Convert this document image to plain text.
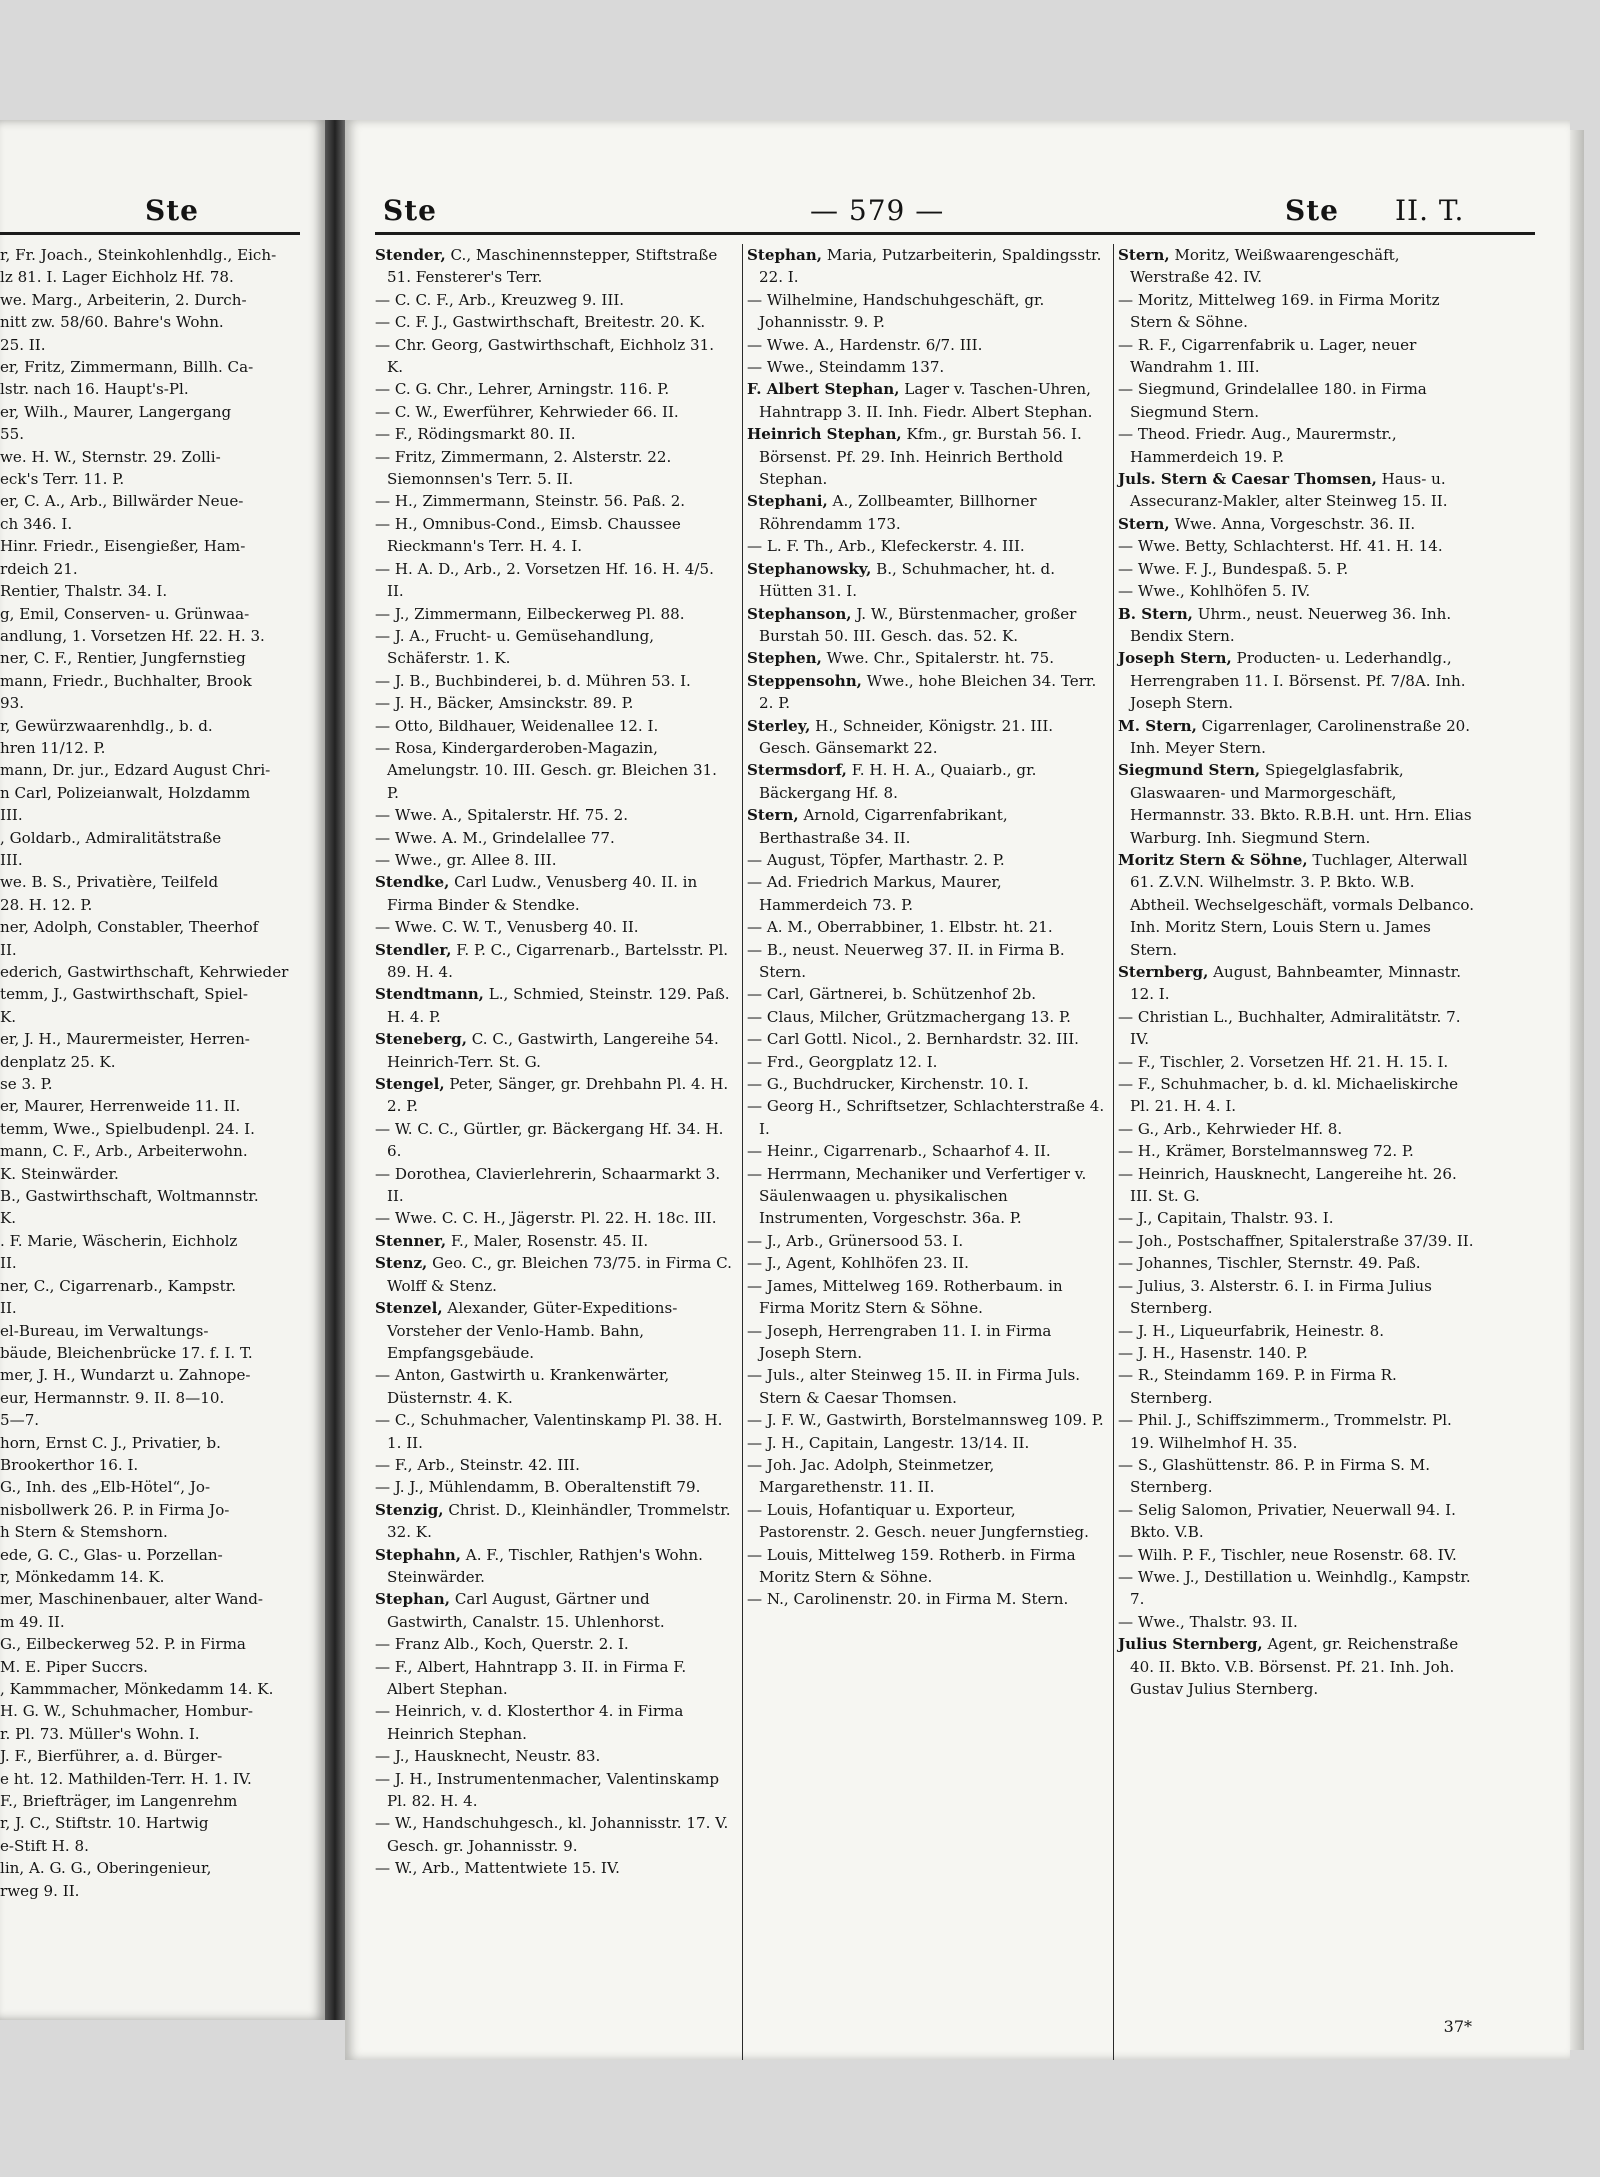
Ste

r, Fr. Joach., Steinkohlenhdlg., Eich-

lz 81. I. Lager Eichholz Hf. 78.

we. Marg., Arbeiterin, 2. Durch-

nitt zw. 58/60. Bahre's Wohn.

25. II.

er, Fritz, Zimmermann, Billh. Ca-

lstr. nach 16. Haupt's-Pl.

er, Wilh., Maurer, Langergang

55.

we. H. W., Sternstr. 29. Zolli-

eck's Terr. 11. P.

er, C. A., Arb., Billwärder Neue-

ch 346. I.

Hinr. Friedr., Eisengießer, Ham-

rdeich 21.

Rentier, Thalstr. 34. I.

g, Emil, Conserven- u. Grünwaa-

andlung, 1. Vorsetzen Hf. 22. H. 3.

ner, C. F., Rentier, Jungfernstieg

mann, Friedr., Buchhalter, Brook

93.

r, Gewürzwaarenhdlg., b. d.

hren 11/12. P.

mann, Dr. jur., Edzard August Chri-

n Carl, Polizeianwalt, Holzdamm

III.

, Goldarb., Admiralitätstraße

III.

we. B. S., Privatière, Teilfeld

28. H. 12. P.

ner, Adolph, Constabler, Theerhof

II.

ederich, Gastwirthschaft, Kehrwieder

temm, J., Gastwirthschaft, Spiel-

K.

er, J. H., Maurermeister, Herren-

denplatz 25. K.

se 3. P.

er, Maurer, Herrenweide 11. II.

temm, Wwe., Spielbudenpl. 24. I.

mann, C. F., Arb., Arbeiterwohn.

K. Steinwärder.

B., Gastwirthschaft, Woltmannstr.

K.

. F. Marie, Wäscherin, Eichholz

II.

ner, C., Cigarrenarb., Kampstr.

II.

el-Bureau, im Verwaltungs-

bäude, Bleichenbrücke 17. f. I. T.

mer, J. H., Wundarzt u. Zahnope-

eur, Hermannstr. 9. II. 8—10.

5—7.

horn, Ernst C. J., Privatier, b.

Brookerthor 16. I.

G., Inh. des „Elb-Hötel“, Jo-

nisbollwerk 26. P. in Firma Jo-

h Stern & Stemshorn.

ede, G. C., Glas- u. Porzellan-

r, Mönkedamm 14. K.

mer, Maschinenbauer, alter Wand-

m 49. II.

G., Eilbeckerweg 52. P. in Firma

M. E. Piper Succrs.

, Kammmacher, Mönkedamm 14. K.

H. G. W., Schuhmacher, Hombur-

r. Pl. 73. Müller's Wohn. I.

J. F., Bierführer, a. d. Bürger-

e ht. 12. Mathilden-Terr. H. 1. IV.

F., Briefträger, im Langenrehm

r, J. C., Stiftstr. 10. Hartwig

e-Stift H. 8.

lin, A. G. G., Oberingenieur,

rweg 9. II.

Ste	— 579 —	Ste II. T.

Stender, C., Maschinennstepper, Stiftstraße 51. Fensterer's Terr.

— C. C. F., Arb., Kreuzweg 9. III.

— C. F. J., Gastwirthschaft, Breitestr. 20. K.

— Chr. Georg, Gastwirthschaft, Eichholz 31. K.

— C. G. Chr., Lehrer, Arningstr. 116. P.

— C. W., Ewerführer, Kehrwieder 66. II.

— F., Rödingsmarkt 80. II.

— Fritz, Zimmermann, 2. Alsterstr. 22. Siemonnsen's Terr. 5. II.

— H., Zimmermann, Steinstr. 56. Paß. 2.

— H., Omnibus-Cond., Eimsb. Chaussee Rieckmann's Terr. H. 4. I.

— H. A. D., Arb., 2. Vorsetzen Hf. 16. H. 4/5. II.

— J., Zimmermann, Eilbeckerweg Pl. 88.

— J. A., Frucht- u. Gemüsehandlung, Schäferstr. 1. K.

— J. B., Buchbinderei, b. d. Mühren 53. I.

— J. H., Bäcker, Amsinckstr. 89. P.

— Otto, Bildhauer, Weidenallee 12. I.

— Rosa, Kindergarderoben-Magazin, Amelungstr. 10. III. Gesch. gr. Bleichen 31. P.

— Wwe. A., Spitalerstr. Hf. 75. 2.

— Wwe. A. M., Grindelallee 77.

— Wwe., gr. Allee 8. III.

Stendke, Carl Ludw., Venusberg 40. II. in Firma Binder & Stendke.

— Wwe. C. W. T., Venusberg 40. II.

Stendler, F. P. C., Cigarrenarb., Bartelsstr. Pl. 89. H. 4.

Stendtmann, L., Schmied, Steinstr. 129. Paß. H. 4. P.

Steneberg, C. C., Gastwirth, Langereihe 54. Heinrich-Terr. St. G.

Stengel, Peter, Sänger, gr. Drehbahn Pl. 4. H. 2. P.

— W. C. C., Gürtler, gr. Bäckergang Hf. 34. H. 6.

— Dorothea, Clavierlehrerin, Schaarmarkt 3. II.

— Wwe. C. C. H., Jägerstr. Pl. 22. H. 18c. III.

Stenner, F., Maler, Rosenstr. 45. II.

Stenz, Geo. C., gr. Bleichen 73/75. in Firma C. Wolff & Stenz.

Stenzel, Alexander, Güter-Expeditions-Vorsteher der Venlo-Hamb. Bahn, Empfangsgebäude.

— Anton, Gastwirth u. Krankenwärter, Düsternstr. 4. K.

— C., Schuhmacher, Valentinskamp Pl. 38. H. 1. II.

— F., Arb., Steinstr. 42. III.

— J. J., Mühlendamm, B. Oberaltenstift 79.

Stenzig, Christ. D., Kleinhändler, Trommelstr. 32. K.

Stephahn, A. F., Tischler, Rathjen's Wohn. Steinwärder.

Stephan, Carl August, Gärtner und Gastwirth, Canalstr. 15. Uhlenhorst.

— Franz Alb., Koch, Querstr. 2. I.

— F., Albert, Hahntrapp 3. II. in Firma F. Albert Stephan.

— Heinrich, v. d. Klosterthor 4. in Firma Heinrich Stephan.

— J., Hausknecht, Neustr. 83.

— J. H., Instrumentenmacher, Valentinskamp Pl. 82. H. 4.

— W., Handschuhgesch., kl. Johannisstr. 17. V. Gesch. gr. Johannisstr. 9.

— W., Arb., Mattentwiete 15. IV.

Stephan, Maria, Putzarbeiterin, Spaldingsstr. 22. I.

— Wilhelmine, Handschuhgeschäft, gr. Johannisstr. 9. P.

— Wwe. A., Hardenstr. 6/7. III.

— Wwe., Steindamm 137.

F. Albert Stephan, Lager v. Taschen-Uhren, Hahntrapp 3. II. Inh. Fiedr. Albert Stephan.

Heinrich Stephan, Kfm., gr. Burstah 56. I. Börsenst. Pf. 29. Inh. Heinrich Berthold Stephan.

Stephani, A., Zollbeamter, Billhorner Röhrendamm 173.

— L. F. Th., Arb., Klefeckerstr. 4. III.

Stephanowsky, B., Schuhmacher, ht. d. Hütten 31. I.

Stephanson, J. W., Bürstenmacher, großer Burstah 50. III. Gesch. das. 52. K.

Stephen, Wwe. Chr., Spitalerstr. ht. 75.

Steppensohn, Wwe., hohe Bleichen 34. Terr. 2. P.

Sterley, H., Schneider, Königstr. 21. III. Gesch. Gänsemarkt 22.

Stermsdorf, F. H. H. A., Quaiarb., gr. Bäckergang Hf. 8.

Stern, Arnold, Cigarrenfabrikant, Berthastraße 34. II.

— August, Töpfer, Marthastr. 2. P.

— Ad. Friedrich Markus, Maurer, Hammerdeich 73. P.

— A. M., Oberrabbiner, 1. Elbstr. ht. 21.

— B., neust. Neuerweg 37. II. in Firma B. Stern.

— Carl, Gärtnerei, b. Schützenhof 2b.

— Claus, Milcher, Grützmachergang 13. P.

— Carl Gottl. Nicol., 2. Bernhardstr. 32. III.

— Frd., Georgplatz 12. I.

— G., Buchdrucker, Kirchenstr. 10. I.

— Georg H., Schriftsetzer, Schlachterstraße 4. I.

— Heinr., Cigarrenarb., Schaarhof 4. II.

— Herrmann, Mechaniker und Verfertiger v. Säulenwaagen u. physikalischen Instrumenten, Vorgeschstr. 36a. P.

— J., Arb., Grünersood 53. I.

— J., Agent, Kohlhöfen 23. II.

— James, Mittelweg 169. Rotherbaum. in Firma Moritz Stern & Söhne.

— Joseph, Herrengraben 11. I. in Firma Joseph Stern.

— Juls., alter Steinweg 15. II. in Firma Juls. Stern & Caesar Thomsen.

— J. F. W., Gastwirth, Borstelmannsweg 109. P.

— J. H., Capitain, Langestr. 13/14. II.

— Joh. Jac. Adolph, Steinmetzer, Margarethenstr. 11. II.

— Louis, Hofantiquar u. Exporteur, Pastorenstr. 2. Gesch. neuer Jungfernstieg.

— Louis, Mittelweg 159. Rotherb. in Firma Moritz Stern & Söhne.

— N., Carolinenstr. 20. in Firma M. Stern.

Stern, Moritz, Weißwaarengeschäft, Werstraße 42. IV.

— Moritz, Mittelweg 169. in Firma Moritz Stern & Söhne.

— R. F., Cigarrenfabrik u. Lager, neuer Wandrahm 1. III.

— Siegmund, Grindelallee 180. in Firma Siegmund Stern.

— Theod. Friedr. Aug., Maurermstr., Hammerdeich 19. P.

Juls. Stern & Caesar Thomsen, Haus- u. Assecuranz-Makler, alter Steinweg 15. II.

Stern, Wwe. Anna, Vorgeschstr. 36. II.

— Wwe. Betty, Schlachterst. Hf. 41. H. 14.

— Wwe. F. J., Bundespaß. 5. P.

— Wwe., Kohlhöfen 5. IV.

B. Stern, Uhrm., neust. Neuerweg 36. Inh. Bendix Stern.

Joseph Stern, Producten- u. Lederhandlg., Herrengraben 11. I. Börsenst. Pf. 7/8A. Inh. Joseph Stern.

M. Stern, Cigarrenlager, Carolinenstraße 20. Inh. Meyer Stern.

Siegmund Stern, Spiegelglasfabrik, Glaswaaren- und Marmorgeschäft, Hermannstr. 33. Bkto. R.B.H. unt. Hrn. Elias Warburg. Inh. Siegmund Stern.

Moritz Stern & Söhne, Tuchlager, Alterwall 61. Z.V.N. Wilhelmstr. 3. P. Bkto. W.B. Abtheil. Wechselgeschäft, vormals Delbanco. Inh. Moritz Stern, Louis Stern u. James Stern.

Sternberg, August, Bahnbeamter, Minnastr. 12. I.

— Christian L., Buchhalter, Admiralitätstr. 7. IV.

— F., Tischler, 2. Vorsetzen Hf. 21. H. 15. I.

— F., Schuhmacher, b. d. kl. Michaeliskirche Pl. 21. H. 4. I.

— G., Arb., Kehrwieder Hf. 8.

— H., Krämer, Borstelmannsweg 72. P.

— Heinrich, Hausknecht, Langereihe ht. 26. III. St. G.

— J., Capitain, Thalstr. 93. I.

— Joh., Postschaffner, Spitalerstraße 37/39. II.

— Johannes, Tischler, Sternstr. 49. Paß.

— Julius, 3. Alsterstr. 6. I. in Firma Julius Sternberg.

— J. H., Liqueurfabrik, Heinestr. 8.

— J. H., Hasenstr. 140. P.

— R., Steindamm 169. P. in Firma R. Sternberg.

— Phil. J., Schiffszimmerm., Trommelstr. Pl. 19. Wilhelmhof H. 35.

— S., Glashüttenstr. 86. P. in Firma S. M. Sternberg.

— Selig Salomon, Privatier, Neuerwall 94. I. Bkto. V.B.

— Wilh. P. F., Tischler, neue Rosenstr. 68. IV.

— Wwe. J., Destillation u. Weinhdlg., Kampstr. 7.

— Wwe., Thalstr. 93. II.

Julius Sternberg, Agent, gr. Reichenstraße 40. II. Bkto. V.B. Börsenst. Pf. 21. Inh. Joh. Gustav Julius Sternberg.

37*
